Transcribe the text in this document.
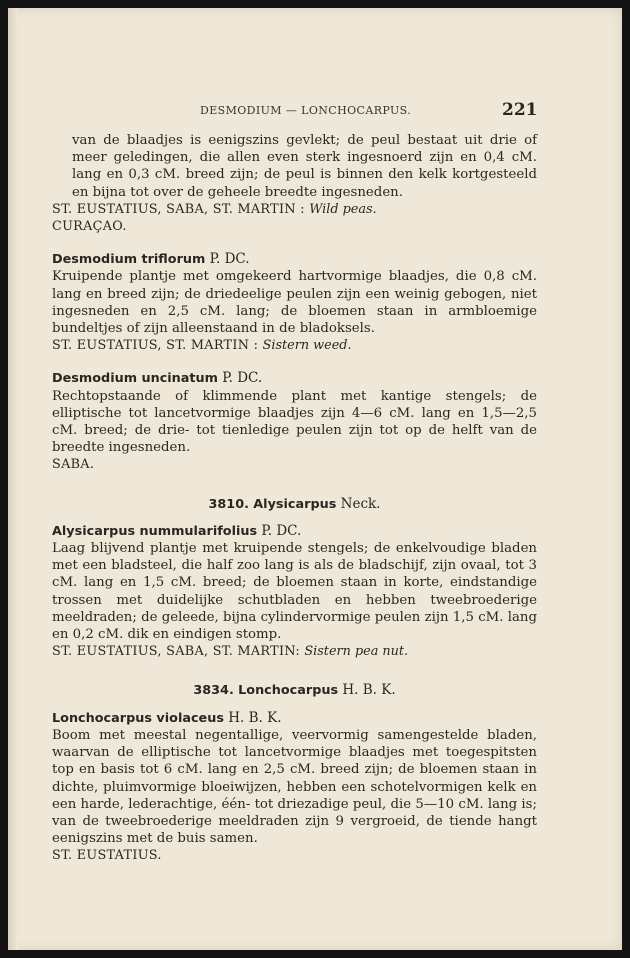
DESMODIUM — LONCHOCARPUS.	221

van de blaadjes is eenigszins gevlekt; de peul bestaat uit drie of meer geledingen, die allen even sterk ingesnoerd zijn en 0,4 cM. lang en 0,3 cM. breed zijn; de peul is binnen den kelk kortgesteeld en bijna tot over de geheele breedte ingesneden.

ST. EUSTATIUS, SABA, ST. MARTIN : Wild peas.

CURAÇAO.

Desmodium triflorum P. DC.

Kruipende plantje met omgekeerd hartvormige blaadjes, die 0,8 cM. lang en breed zijn; de driedeelige peulen zijn een weinig gebogen, niet ingesneden en 2,5 cM. lang; de bloemen staan in armbloemige bundeltjes of zijn alleenstaand in de bladoksels.

ST. EUSTATIUS, ST. MARTIN : Sistern weed.

Desmodium uncinatum P. DC.

Rechtopstaande of klimmende plant met kantige stengels; de elliptische tot lancetvormige blaadjes zijn 4—6 cM. lang en 1,5—2,5 cM. breed; de drie- tot tienledige peulen zijn tot op de helft van de breedte ingesneden.

SABA.

3810. Alysicarpus Neck.

Alysicarpus nummularifolius P. DC.

Laag blijvend plantje met kruipende stengels; de enkelvoudige bladen met een bladsteel, die half zoo lang is als de bladschijf, zijn ovaal, tot 3 cM. lang en 1,5 cM. breed; de bloemen staan in korte, eindstandige trossen met duidelijke schutbladen en hebben tweebroederige meeldraden; de geleede, bijna cylindervormige peulen zijn 1,5 cM. lang en 0,2 cM. dik en eindigen stomp.

ST. EUSTATIUS, SABA, ST. MARTIN: Sistern pea nut.

3834. Lonchocarpus H. B. K.

Lonchocarpus violaceus H. B. K.

Boom met meestal negentallige, veervormig samengestelde bladen, waarvan de elliptische tot lancetvormige blaadjes met toegespitsten top en basis tot 6 cM. lang en 2,5 cM. breed zijn; de bloemen staan in dichte, pluimvormige bloeiwijzen, hebben een schotelvormigen kelk en een harde, lederachtige, één- tot driezadige peul, die 5—10 cM. lang is; van de tweebroederige meeldraden zijn 9 vergroeid, de tiende hangt eenigszins met de buis samen.

ST. EUSTATIUS.
